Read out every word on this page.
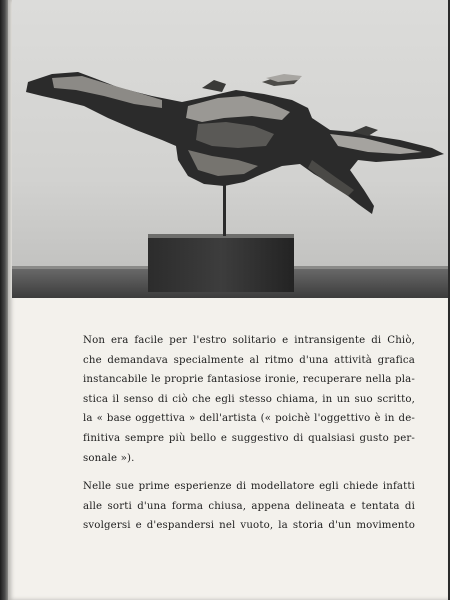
Non era facile per l'estro solitario e intransigente di Chiò,
che demandava specialmente al ritmo d'una attività grafica
instancabile le proprie fantasiose ironie, recuperare nella pla-
stica il senso di ciò che egli stesso chiama, in un suo scritto,
la « base oggettiva » dell'artista (« poichè l'oggettivo è in de-
finitiva sempre più bello e suggestivo di qualsiasi gusto per-
sonale »).

Nelle sue prime esperienze di modellatore egli chiede infatti
alle sorti d'una forma chiusa, appena delineata e tentata di
svolgersi e d'espandersi nel vuoto, la storia d'un movimento
